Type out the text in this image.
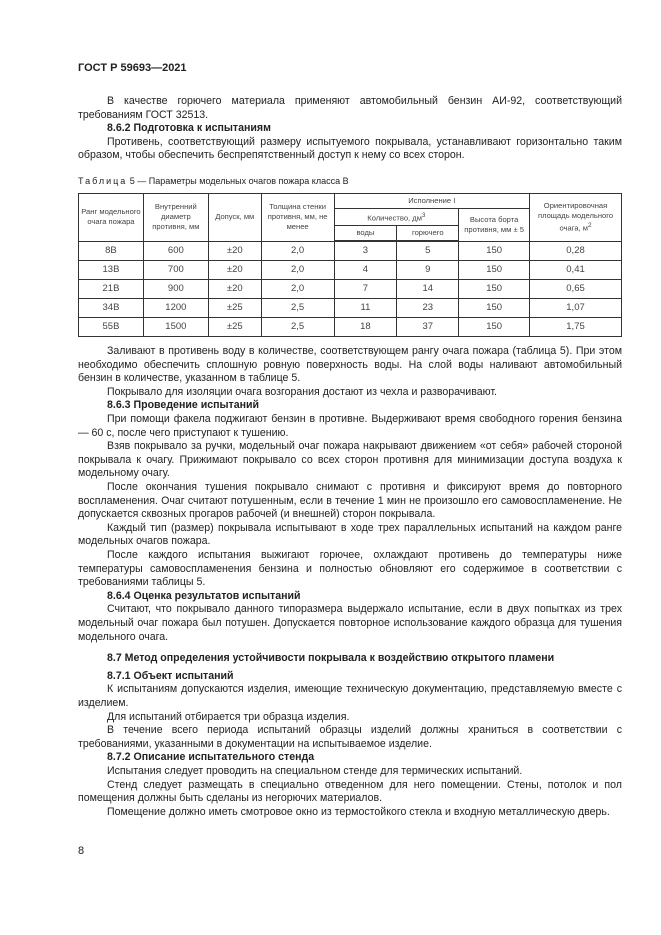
ГОСТ Р 59693—2021

В качестве горючего материала применяют автомобильный бензин АИ-92, соответствующий требованиям ГОСТ 32513.

8.6.2 Подготовка к испытаниям

Противень, соответствующий размеру испытуемого покрывала, устанавливают горизонтально таким образом, чтобы обеспечить беспрепятственный доступ к нему со всех сторон.

Таблица 5 — Параметры модельных очагов пожара класса В
Ранг модельного очага пожара	Внутренний диаметр противня, мм	Допуск, мм	Толщина стенки противня, мм, не менее	Исполнение I			Ориентировочная площадь модельного очага, $м^2$
				Количество, $дм^3$		Высота борта противня, мм ± 5	
				воды	горючего		
8В	600	±20	2,0	3	5	150	0,28
13В	700	±20	2,0	4	9	150	0,41
21В	900	±20	2,0	7	14	150	0,65
34В	1200	±25	2,5	11	23	150	1,07
55В	1500	±25	2,5	18	37	150	1,75

Заливают в противень воду в количестве, соответствующем рангу очага пожара (таблица 5). При этом необходимо обеспечить сплошную ровную поверхность воды. На слой воды наливают автомобильный бензин в количестве, указанном в таблице 5.

Покрывало для изоляции очага возгорания достают из чехла и разворачивают.

8.6.3 Проведение испытаний

При помощи факела поджигают бензин в противне. Выдерживают время свободного горения бензина — 60 с, после чего приступают к тушению.

Взяв покрывало за ручки, модельный очаг пожара накрывают движением «от себя» рабочей стороной покрывала к очагу. Прижимают покрывало со всех сторон противня для минимизации доступа воздуха к модельному очагу.

После окончания тушения покрывало снимают с противня и фиксируют время до повторного воспламенения. Очаг считают потушенным, если в течение 1 мин не произошло его самовоспламенение. Не допускается сквозных прогаров рабочей (и внешней) сторон покрывала.

Каждый тип (размер) покрывала испытывают в ходе трех параллельных испытаний на каждом ранге модельных очагов пожара.

После каждого испытания выжигают горючее, охлаждают противень до температуры ниже температуры самовоспламенения бензина и полностью обновляют его содержимое в соответствии с требованиями таблицы 5.

8.6.4 Оценка результатов испытаний

Считают, что покрывало данного типоразмера выдержало испытание, если в двух попытках из трех модельный очаг пожара был потушен. Допускается повторное использование каждого образца для тушения модельного очага.

8.7 Метод определения устойчивости покрывала к воздействию открытого пламени
8.7.1 Объект испытаний

К испытаниям допускаются изделия, имеющие техническую документацию, представляемую вместе с изделием.

Для испытаний отбирается три образца изделия.

В течение всего периода испытаний образцы изделий должны храниться в соответствии с требованиями, указанными в документации на испытываемое изделие.

8.7.2 Описание испытательного стенда

Испытания следует проводить на специальном стенде для термических испытаний.

Стенд следует размещать в специально отведенном для него помещении. Стены, потолок и пол помещения должны быть сделаны из негорючих материалов.

Помещение должно иметь смотровое окно из термостойкого стекла и входную металлическую дверь.

8
